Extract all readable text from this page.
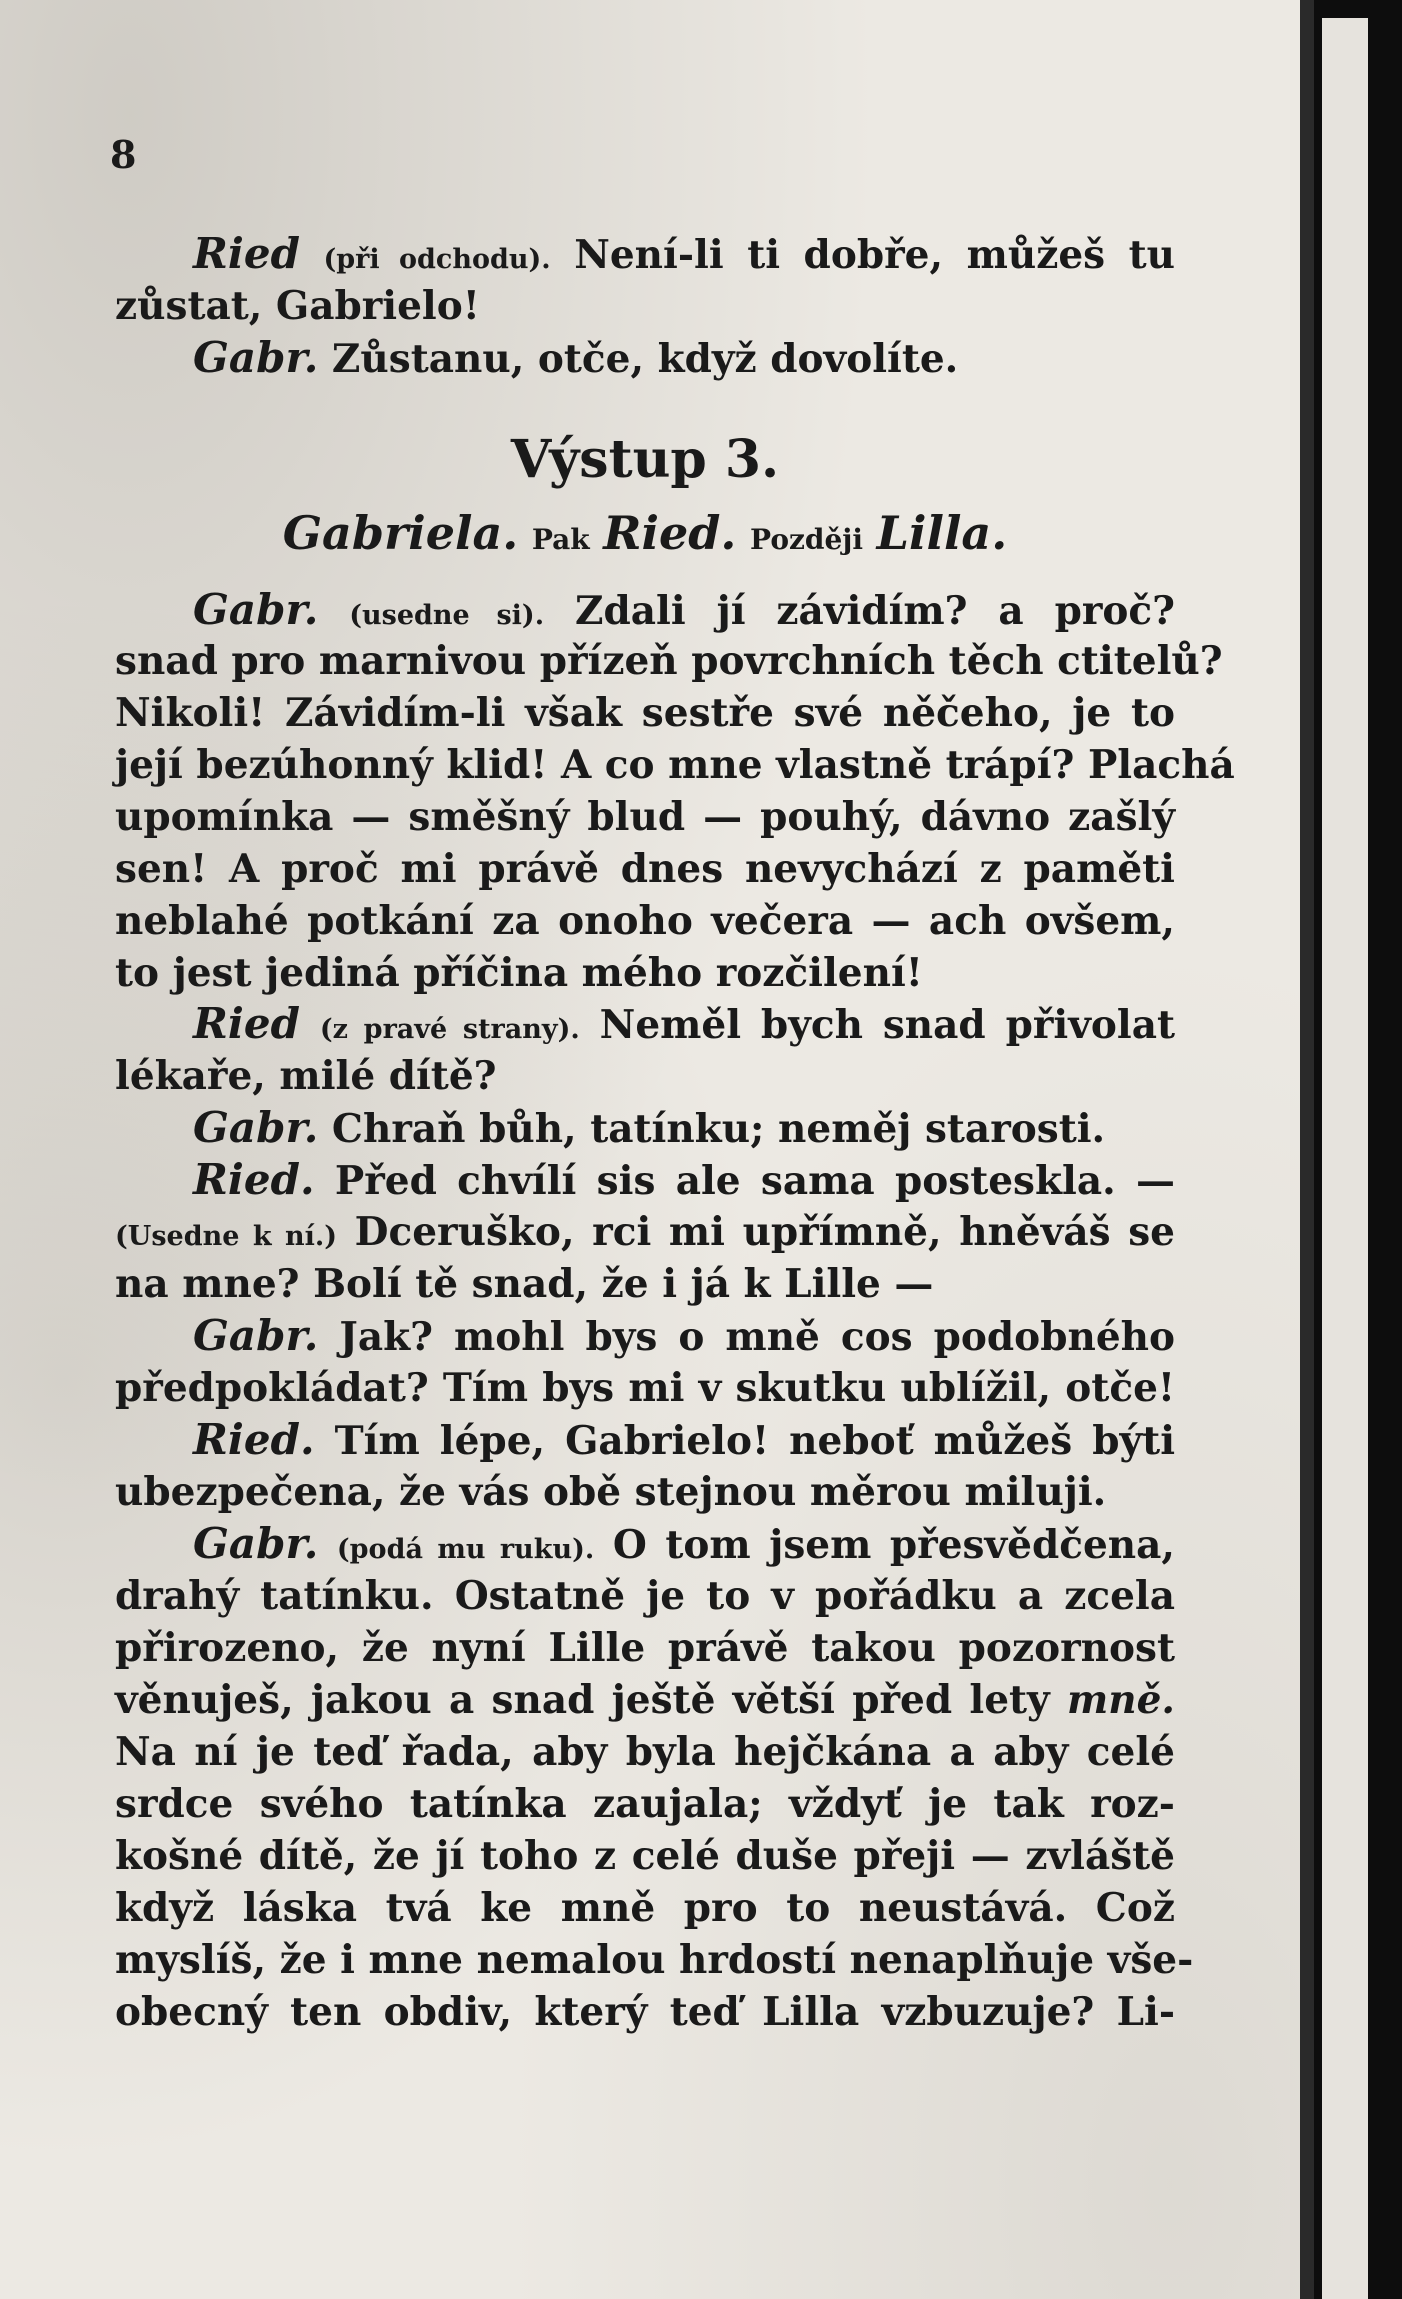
8
Ried (při odchodu). Není-li ti dobře, můžeš tu
zůstat, Gabrielo!
Gabr. Zůstanu, otče, když dovolíte.
Výstup 3.
Gabriela. Pak Ried. Později Lilla.
Gabr. (usedne si). Zdali jí závidím? a proč?
snad pro marnivou přízeň povrchních těch ctitelů?
Nikoli! Závidím-li však sestře své něčeho, je to
její bezúhonný klid! A co mne vlastně trápí? Plachá
upomínka — směšný blud — pouhý, dávno zašlý
sen! A proč mi právě dnes nevychází z paměti
neblahé potkání za onoho večera — ach ovšem,
to jest jediná příčina mého rozčilení!
Ried (z pravé strany). Neměl bych snad přivolat
lékaře, milé dítě?
Gabr. Chraň bůh, tatínku; neměj starosti.
Ried. Před chvílí sis ale sama posteskla. —
(Usedne k ní.) Dceruško, rci mi upřímně, hněváš se
na mne? Bolí tě snad, že i já k Lille —
Gabr. Jak? mohl bys o mně cos podobného
předpokládat? Tím bys mi v skutku ublížil, otče!
Ried. Tím lépe, Gabrielo! neboť můžeš býti
ubezpečena, že vás obě stejnou měrou miluji.
Gabr. (podá mu ruku). O tom jsem přesvědčena,
drahý tatínku. Ostatně je to v pořádku a zcela
přirozeno, že nyní Lille právě takou pozornost
věnuješ, jakou a snad ještě větší před lety mně.
Na ní je teď řada, aby byla hejčkána a aby celé
srdce svého tatínka zaujala; vždyť je tak roz-
košné dítě, že jí toho z celé duše přeji — zvláště
když láska tvá ke mně pro to neustává. Což
myslíš, že i mne nemalou hrdostí nenaplňuje vše-
obecný ten obdiv, který teď Lilla vzbuzuje? Li-
